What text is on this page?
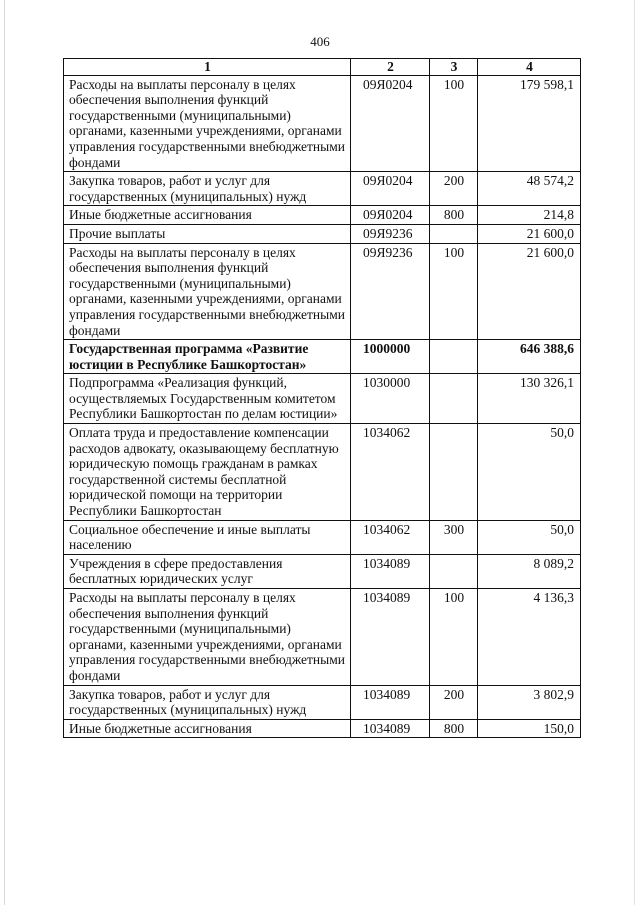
406
1	2	3	4
Расходы на выплаты персоналу в целях обеспечения выполнения функций государственными (муниципальными) органами, казенными учреждениями, органами управления государственными внебюджетными фондами	09Я0204	100	179 598,1
Закупка товаров, работ и услуг для государственных (муниципальных) нужд	09Я0204	200	48 574,2
Иные бюджетные ассигнования	09Я0204	800	214,8
Прочие выплаты	09Я9236		21 600,0
Расходы на выплаты персоналу в целях обеспечения выполнения функций государственными (муниципальными) органами, казенными учреждениями, органами управления государственными внебюджетными фондами	09Я9236	100	21 600,0
Государственная программа «Развитие юстиции в Республике Башкортостан»	1000000		646 388,6
Подпрограмма «Реализация функций, осуществляемых Государственным комитетом Республики Башкортостан по делам юстиции»	1030000		130 326,1
Оплата труда и предоставление компенсации расходов адвокату, оказывающему бесплатную юридическую помощь гражданам в рамках государственной системы бесплатной юридической помощи на территории Республики Башкортостан	1034062		50,0
Социальное обеспечение и иные выплаты населению	1034062	300	50,0
Учреждения в сфере предоставления бесплатных юридических услуг	1034089		8 089,2
Расходы на выплаты персоналу в целях обеспечения выполнения функций государственными (муниципальными) органами, казенными учреждениями, органами управления государственными внебюджетными фондами	1034089	100	4 136,3
Закупка товаров, работ и услуг для государственных (муниципальных) нужд	1034089	200	3 802,9
Иные бюджетные ассигнования	1034089	800	150,0
